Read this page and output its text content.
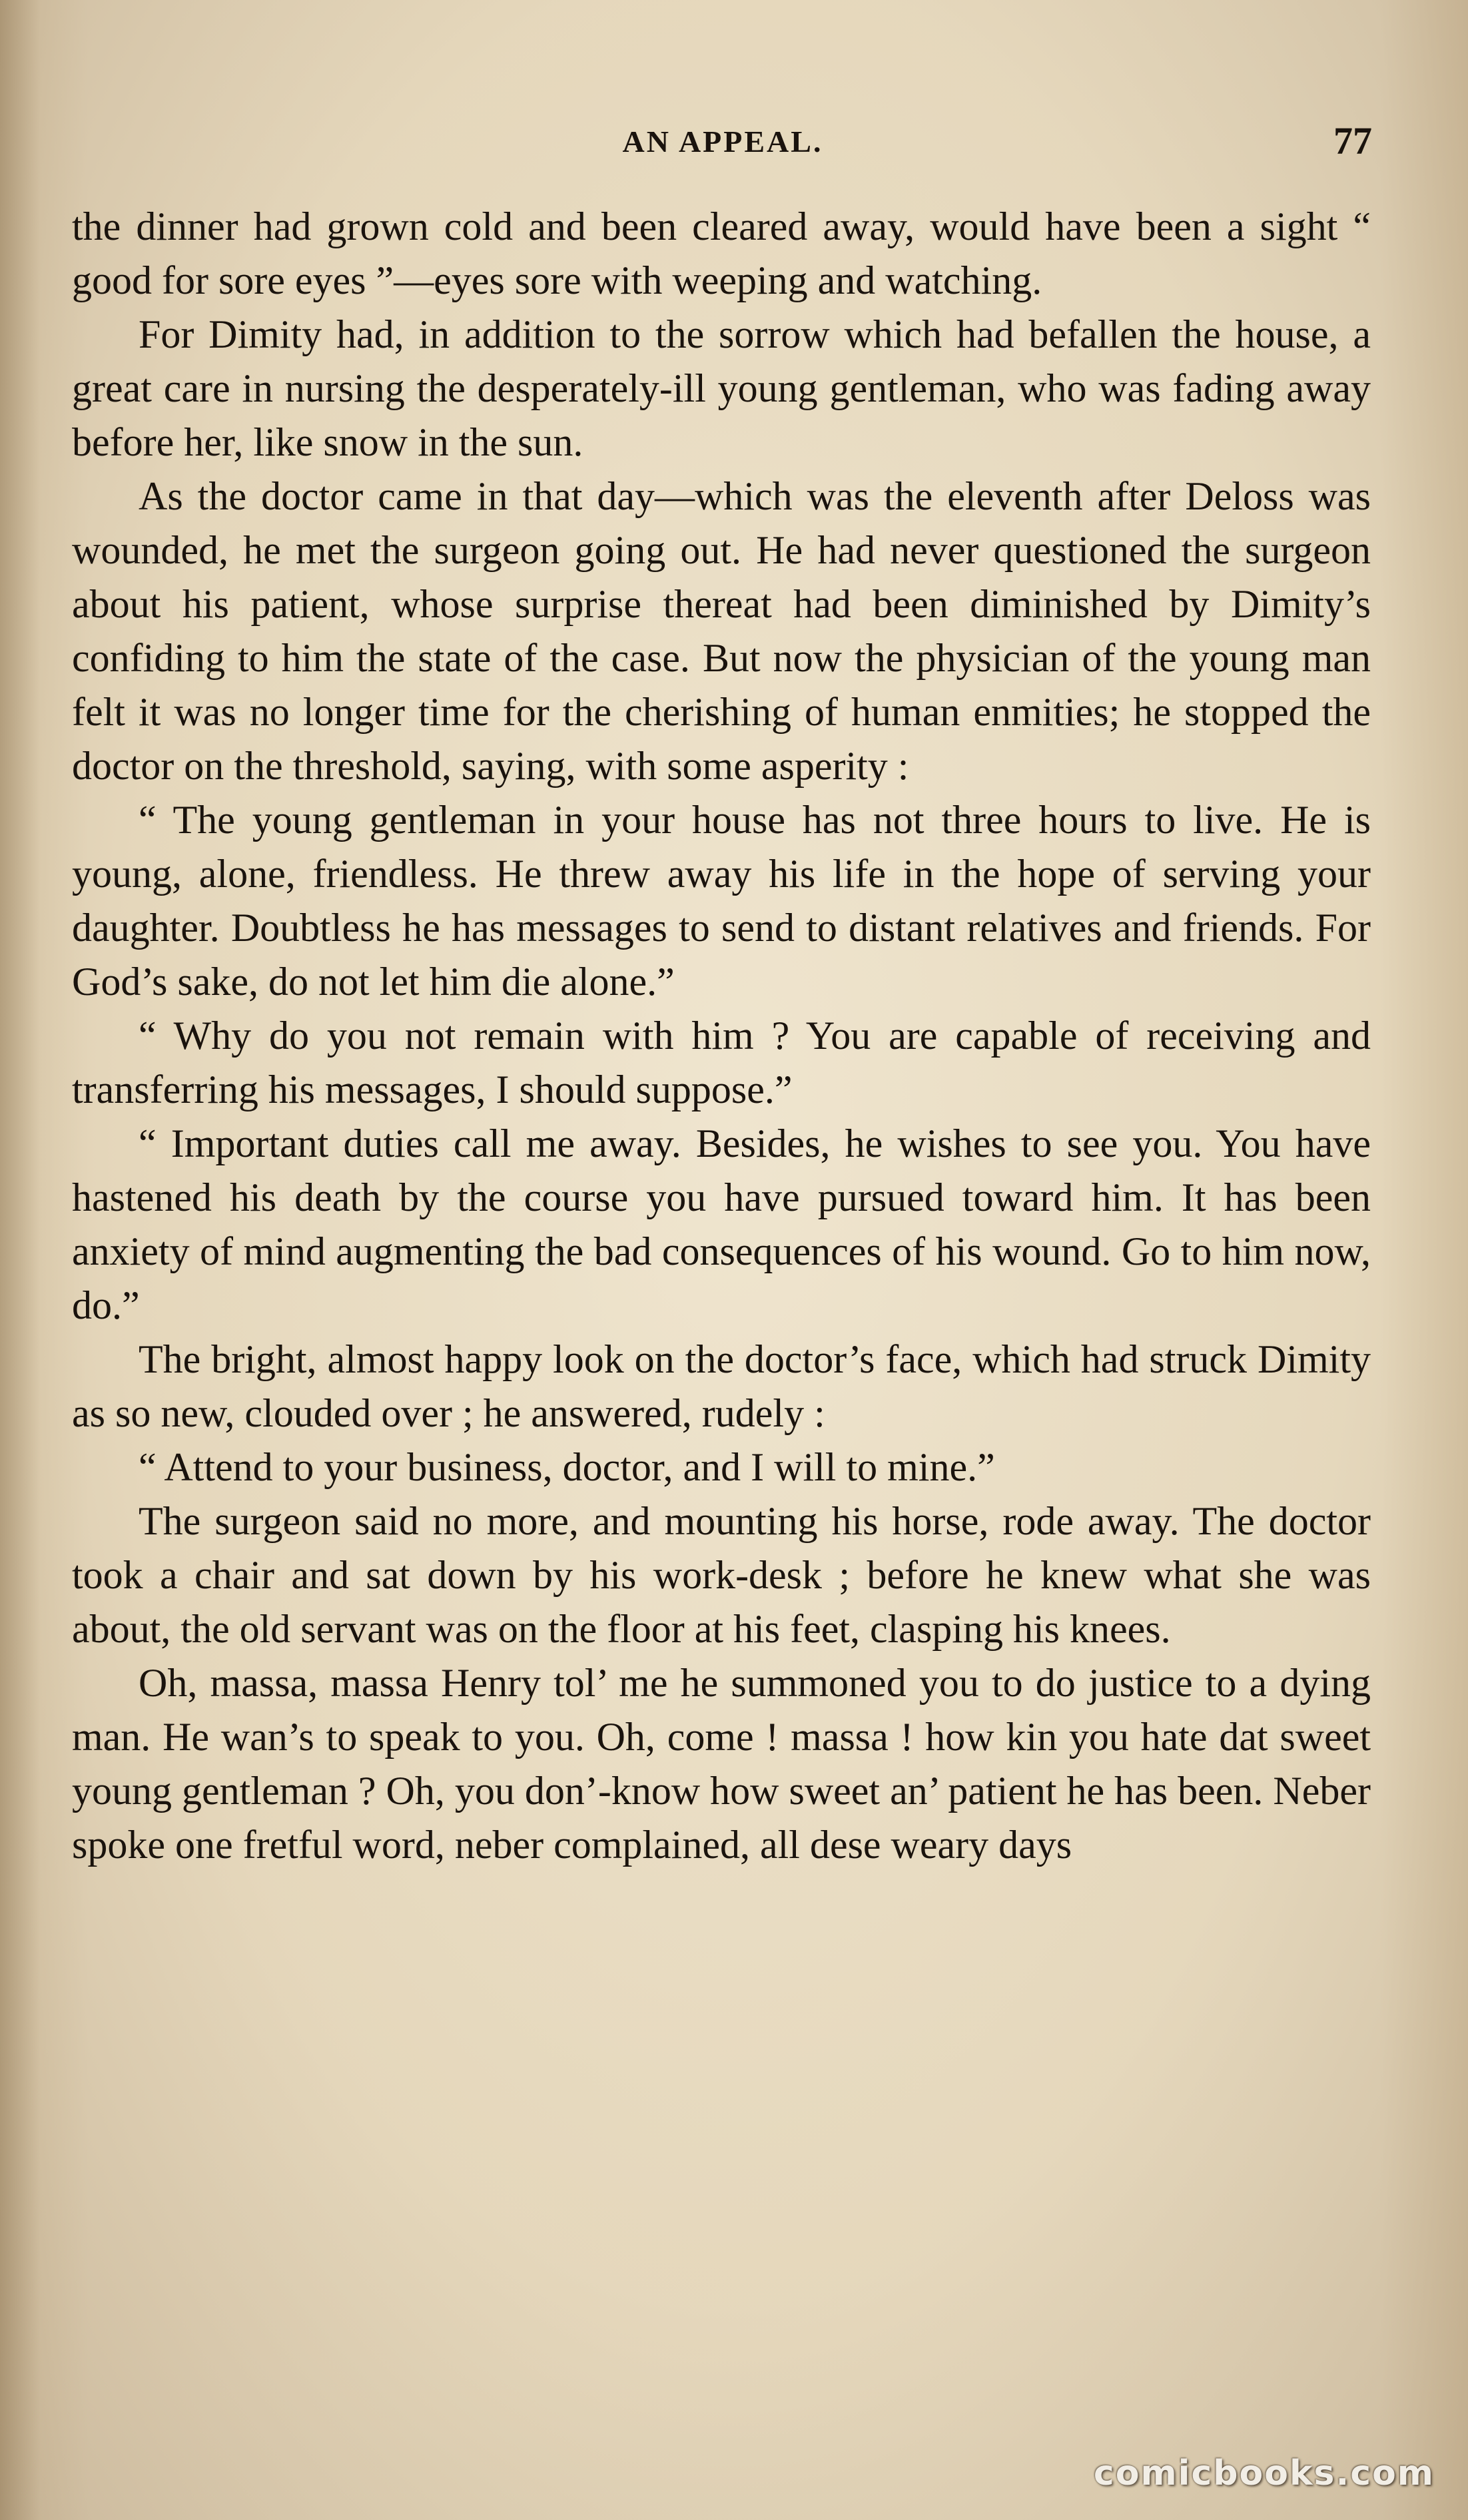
AN APPEAL.	77

the dinner had grown cold and been cleared away, would have been a sight “ good for sore eyes ”—eyes sore with weeping and watching.

For Dimity had, in addition to the sorrow which had befallen the house, a great care in nursing the desperately-ill young gentleman, who was fading away before her, like snow in the sun.

As the doctor came in that day—which was the eleventh after Deloss was wounded, he met the surgeon going out. He had never questioned the surgeon about his patient, whose surprise thereat had been diminished by Dimity’s confiding to him the state of the case. But now the physician of the young man felt it was no longer time for the cherishing of human enmities; he stopped the doctor on the threshold, saying, with some asperity :

“ The young gentleman in your house has not three hours to live. He is young, alone, friendless. He threw away his life in the hope of serving your daughter. Doubtless he has messages to send to distant relatives and friends. For God’s sake, do not let him die alone.”

“ Why do you not remain with him ? You are capable of receiving and transferring his messages, I should suppose.”

“ Important duties call me away. Besides, he wishes to see you. You have hastened his death by the course you have pursued toward him. It has been anxiety of mind augmenting the bad consequences of his wound. Go to him now, do.”

The bright, almost happy look on the doctor’s face, which had struck Dimity as so new, clouded over ; he answered, rudely :

“ Attend to your business, doctor, and I will to mine.”

The surgeon said no more, and mounting his horse, rode away. The doctor took a chair and sat down by his work-desk ; before he knew what she was about, the old servant was on the floor at his feet, clasping his knees.

Oh, massa, massa Henry tol’ me he summoned you to do justice to a dying man. He wan’s to speak to you. Oh, come ! massa ! how kin you hate dat sweet young gentleman ? Oh, you don’-know how sweet an’ patient he has been. Neber spoke one fretful word, neber complained, all dese weary days

comicbooks.com
